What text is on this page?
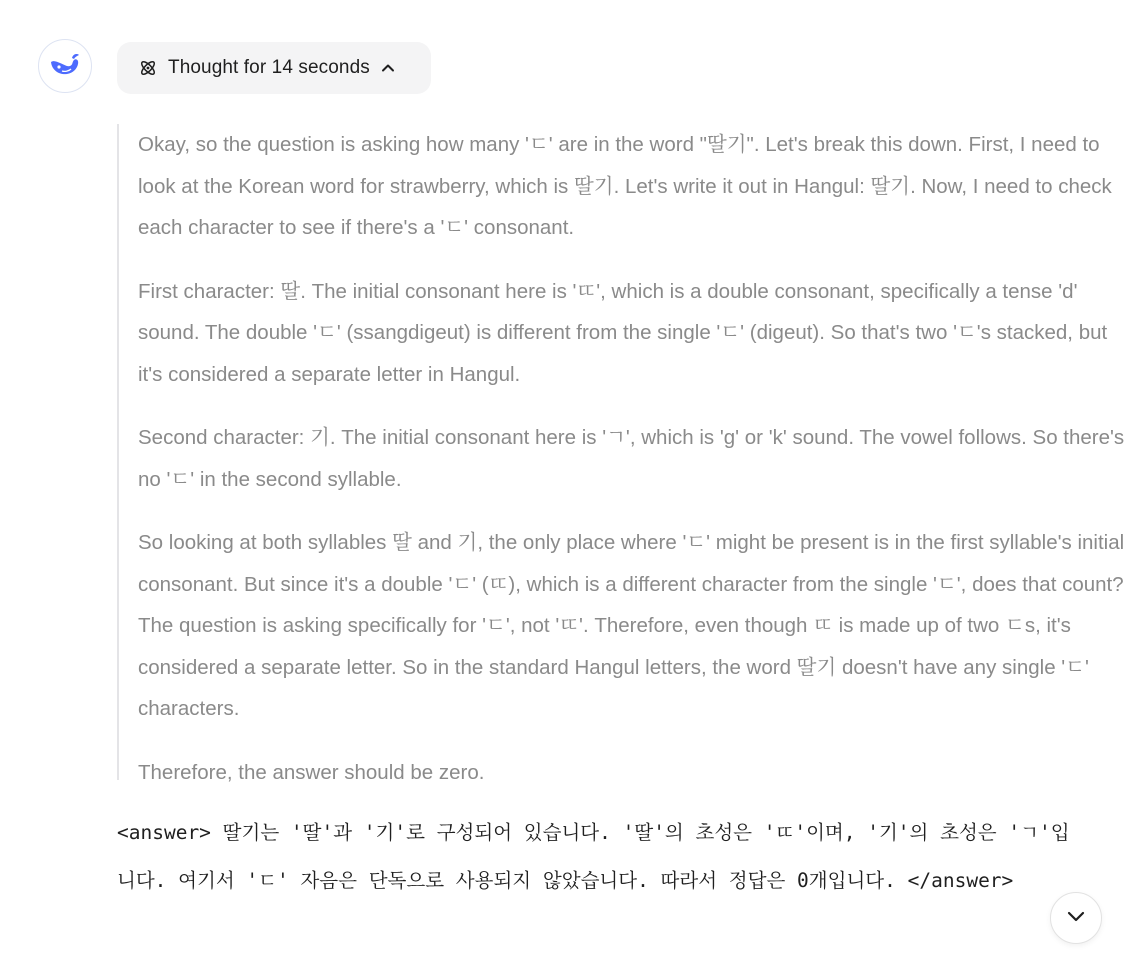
Thought for 14 seconds

Okay, so the question is asking how many 'ㄷ' are in the word "딸기". Let's break this down. First, I need to look at the Korean word for strawberry, which is 딸기. Let's write it out in Hangul: 딸기. Now, I need to check each character to see if there's a 'ㄷ' consonant.

First character: 딸. The initial consonant here is 'ㄸ', which is a double consonant, specifically a tense 'd' sound. The double 'ㄷ' (ssangdigeut) is different from the single 'ㄷ' (digeut). So that's two 'ㄷ's stacked, but it's considered a separate letter in Hangul.

Second character: 기. The initial consonant here is 'ㄱ', which is 'g' or 'k' sound. The vowel follows. So there's no 'ㄷ' in the second syllable.

So looking at both syllables 딸 and 기, the only place where 'ㄷ' might be present is in the first syllable's initial consonant. But since it's a double 'ㄷ' (ㄸ), which is a different character from the single 'ㄷ', does that count? The question is asking specifically for 'ㄷ', not 'ㄸ'. Therefore, even though ㄸ is made up of two ㄷs, it's considered a separate letter. So in the standard Hangul letters, the word 딸기 doesn't have any single 'ㄷ' characters.

Therefore, the answer should be zero.

<answer> 딸기는 '딸'과 '기'로 구성되어 있습니다. '딸'의 초성은 'ㄸ'이며, '기'의 초성은 'ㄱ'입니다. 여기서 'ㄷ' 자음은 단독으로 사용되지 않았습니다. 따라서 정답은 0개입니다. </answer>
